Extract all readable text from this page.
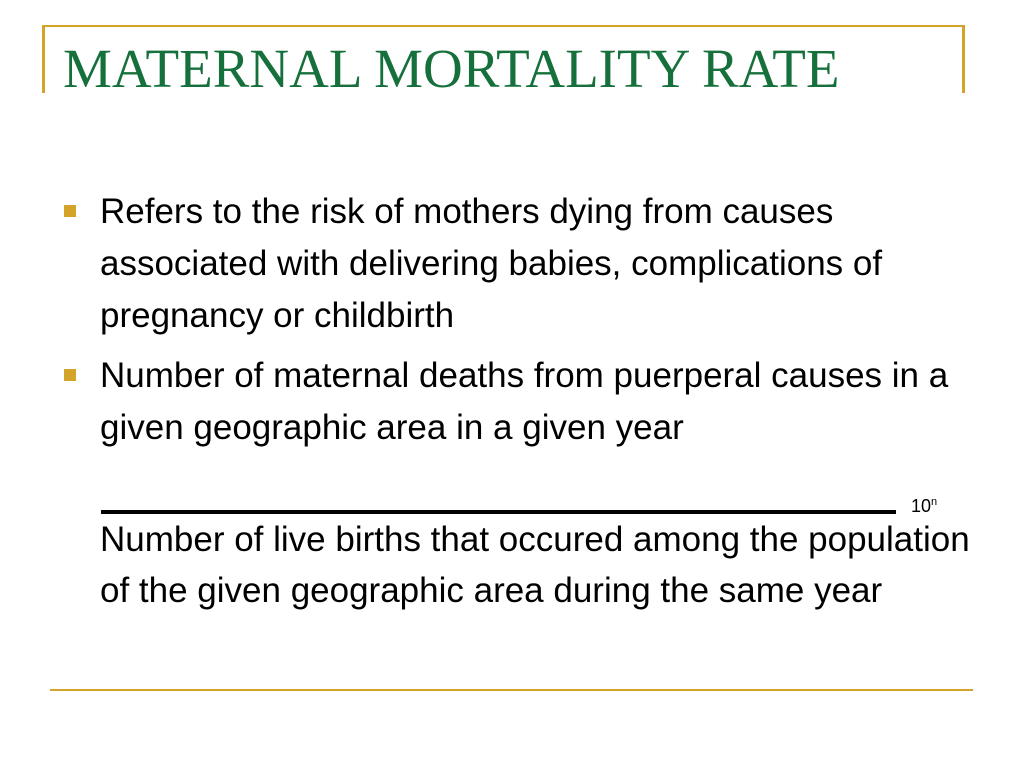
MATERNAL MORTALITY RATE
Refers to the risk of mothers dying from causes associated with delivering babies, complications of pregnancy or childbirth
Number of maternal deaths from puerperal causes in a given geographic area in a given year
10$^n$
Number of live births that occured among the population of the given geographic area during the same year
